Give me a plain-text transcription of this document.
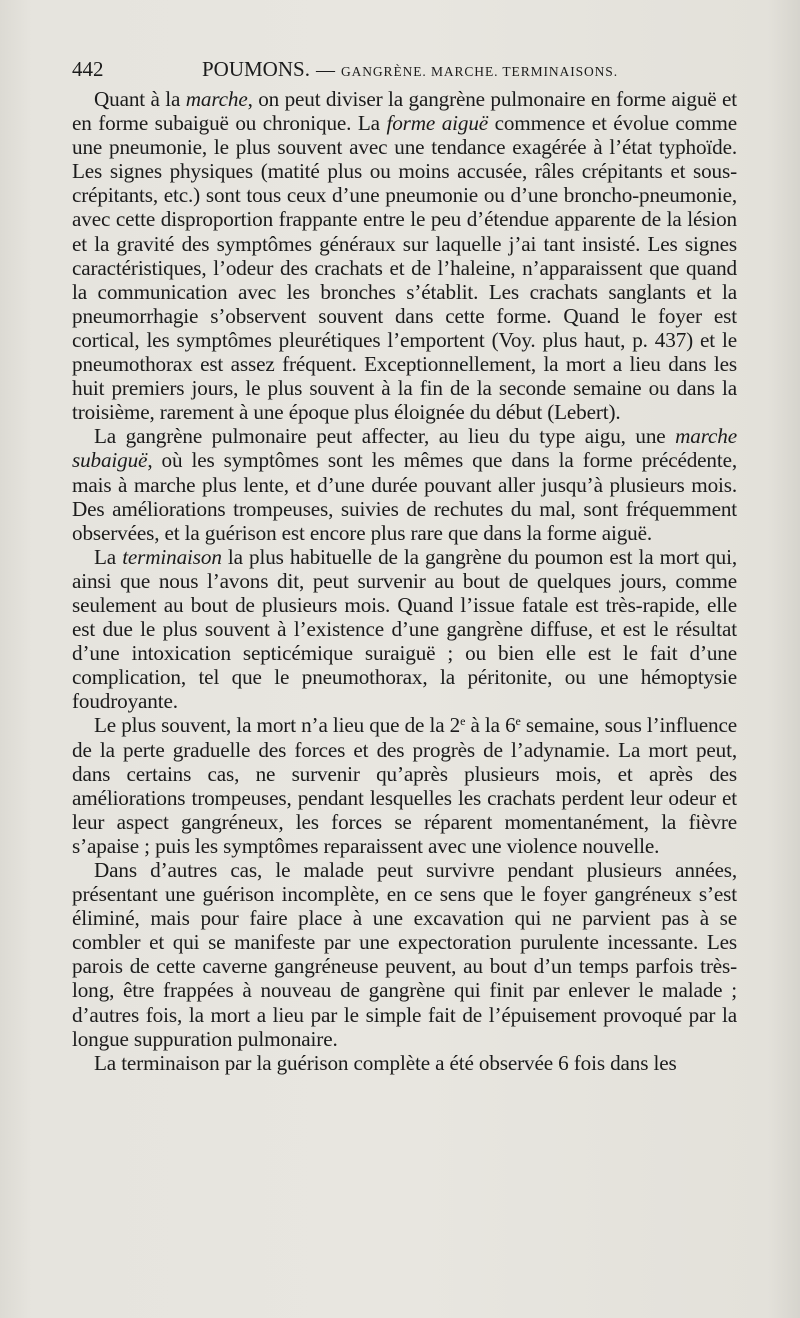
442	POUMONS. — GANGRÈNE. MARCHE. TERMINAISONS.

Quant à la marche, on peut diviser la gangrène pulmonaire en forme aiguë et en forme subaiguë ou chronique. La forme aiguë commence et évolue comme une pneumonie, le plus souvent avec une tendance exagérée à l’état typhoïde. Les signes physiques (matité plus ou moins accusée, râles crépitants et sous-crépitants, etc.) sont tous ceux d’une pneumonie ou d’une broncho-pneumonie, avec cette disproportion frappante entre le peu d’étendue apparente de la lésion et la gravité des symptômes généraux sur laquelle j’ai tant insisté. Les signes caractéristiques, l’odeur des crachats et de l’haleine, n’apparaissent que quand la communication avec les bronches s’établit. Les crachats sanglants et la pneumorrhagie s’observent souvent dans cette forme. Quand le foyer est cortical, les symptômes pleurétiques l’emportent (Voy. plus haut, p. 437) et le pneumothorax est assez fréquent. Exceptionnellement, la mort a lieu dans les huit premiers jours, le plus souvent à la fin de la seconde semaine ou dans la troisième, rarement à une époque plus éloignée du début (Lebert).

La gangrène pulmonaire peut affecter, au lieu du type aigu, une marche subaiguë, où les symptômes sont les mêmes que dans la forme précédente, mais à marche plus lente, et d’une durée pouvant aller jusqu’à plusieurs mois. Des améliorations trompeuses, suivies de rechutes du mal, sont fréquemment observées, et la guérison est encore plus rare que dans la forme aiguë.

La terminaison la plus habituelle de la gangrène du poumon est la mort qui, ainsi que nous l’avons dit, peut survenir au bout de quelques jours, comme seulement au bout de plusieurs mois. Quand l’issue fatale est très-rapide, elle est due le plus souvent à l’existence d’une gangrène diffuse, et est le résultat d’une intoxication septicémique suraiguë ; ou bien elle est le fait d’une complication, tel que le pneumothorax, la péritonite, ou une hémoptysie foudroyante.

Le plus souvent, la mort n’a lieu que de la 2e à la 6e semaine, sous l’influence de la perte graduelle des forces et des progrès de l’adynamie. La mort peut, dans certains cas, ne survenir qu’après plusieurs mois, et après des améliorations trompeuses, pendant lesquelles les crachats perdent leur odeur et leur aspect gangréneux, les forces se réparent momentanément, la fièvre s’apaise ; puis les symptômes reparaissent avec une violence nouvelle.

Dans d’autres cas, le malade peut survivre pendant plusieurs années, présentant une guérison incomplète, en ce sens que le foyer gangréneux s’est éliminé, mais pour faire place à une excavation qui ne parvient pas à se combler et qui se manifeste par une expectoration purulente incessante. Les parois de cette caverne gangréneuse peuvent, au bout d’un temps parfois très-long, être frappées à nouveau de gangrène qui finit par enlever le malade ; d’autres fois, la mort a lieu par le simple fait de l’épuisement provoqué par la longue suppuration pulmonaire.

La terminaison par la guérison complète a été observée 6 fois dans les
